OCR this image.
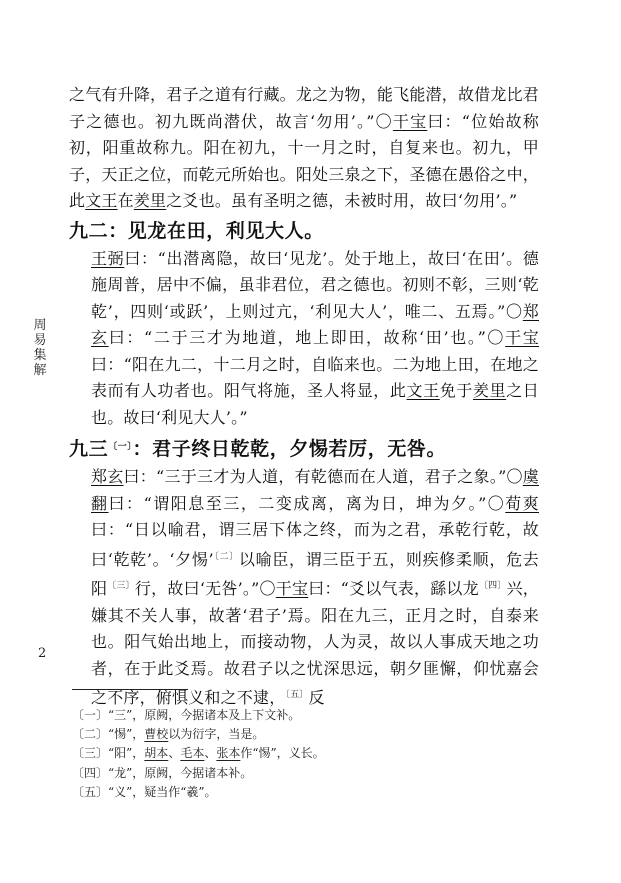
周易集解
2

之气有升降，君子之道有行藏。龙之为物，能飞能潜，故借龙比君子之德也。初九既尚潜伏，故言‘勿用’。”〇干宝曰：“位始故称初，阳重故称九。阳在初九，十一月之时，自复来也。初九，甲子，天正之位，而乾元所始也。阳处三泉之下，圣德在愚俗之中，此文王在羑里之爻也。虽有圣明之德，未被时用，故曰‘勿用’。”

九二：见龙在田，利见大人。

王弼曰：“出潜离隐，故曰‘见龙’。处于地上，故曰‘在田’。德施周普，居中不偏，虽非君位，君之德也。初则不彰，三则‘乾乾’，四则‘或跃’，上则过亢，‘利见大人’，唯二、五焉。”〇郑玄曰：“二于三才为地道，地上即田，故称‘田’也。”〇干宝曰：“阳在九二，十二月之时，自临来也。二为地上田，在地之表而有人功者也。阳气将施，圣人将显，此文王免于羑里之日也。故曰‘利见大人’。”

九三$^{〔一〕}$：君子终日乾乾，夕惕若厉，无咎。

郑玄曰：“三于三才为人道，有乾德而在人道，君子之象。”〇虞翻曰：“谓阳息至三，二变成离，离为日，坤为夕。”〇荀爽曰：“日以喻君，谓三居下体之终，而为之君，承乾行乾，故曰‘乾乾’。‘夕惕’$^{〔二〕}$以喻臣，谓三臣于五，则疾修柔顺，危去阳$^{〔三〕}$行，故曰‘无咎’。”〇干宝曰：“爻以气表，繇以龙$^{〔四〕}$兴，嫌其不关人事，故著‘君子’焉。阳在九三，正月之时，自泰来也。阳气始出地上，而接动物，人为灵，故以人事成天地之功者，在于此爻焉。故君子以之忧深思远，朝夕匪懈，仰忧嘉会之不序，俯惧义和之不逮，$^{〔五〕}$反

〔一〕“三”，原阙，今据诸本及上下文补。
〔二〕“惕”，曹校以为衍字，当是。
〔三〕“阳”，胡本、毛本、张本作“惕”，义长。
〔四〕“龙”，原阙，今据诸本补。
〔五〕“义”，疑当作“羲”。
